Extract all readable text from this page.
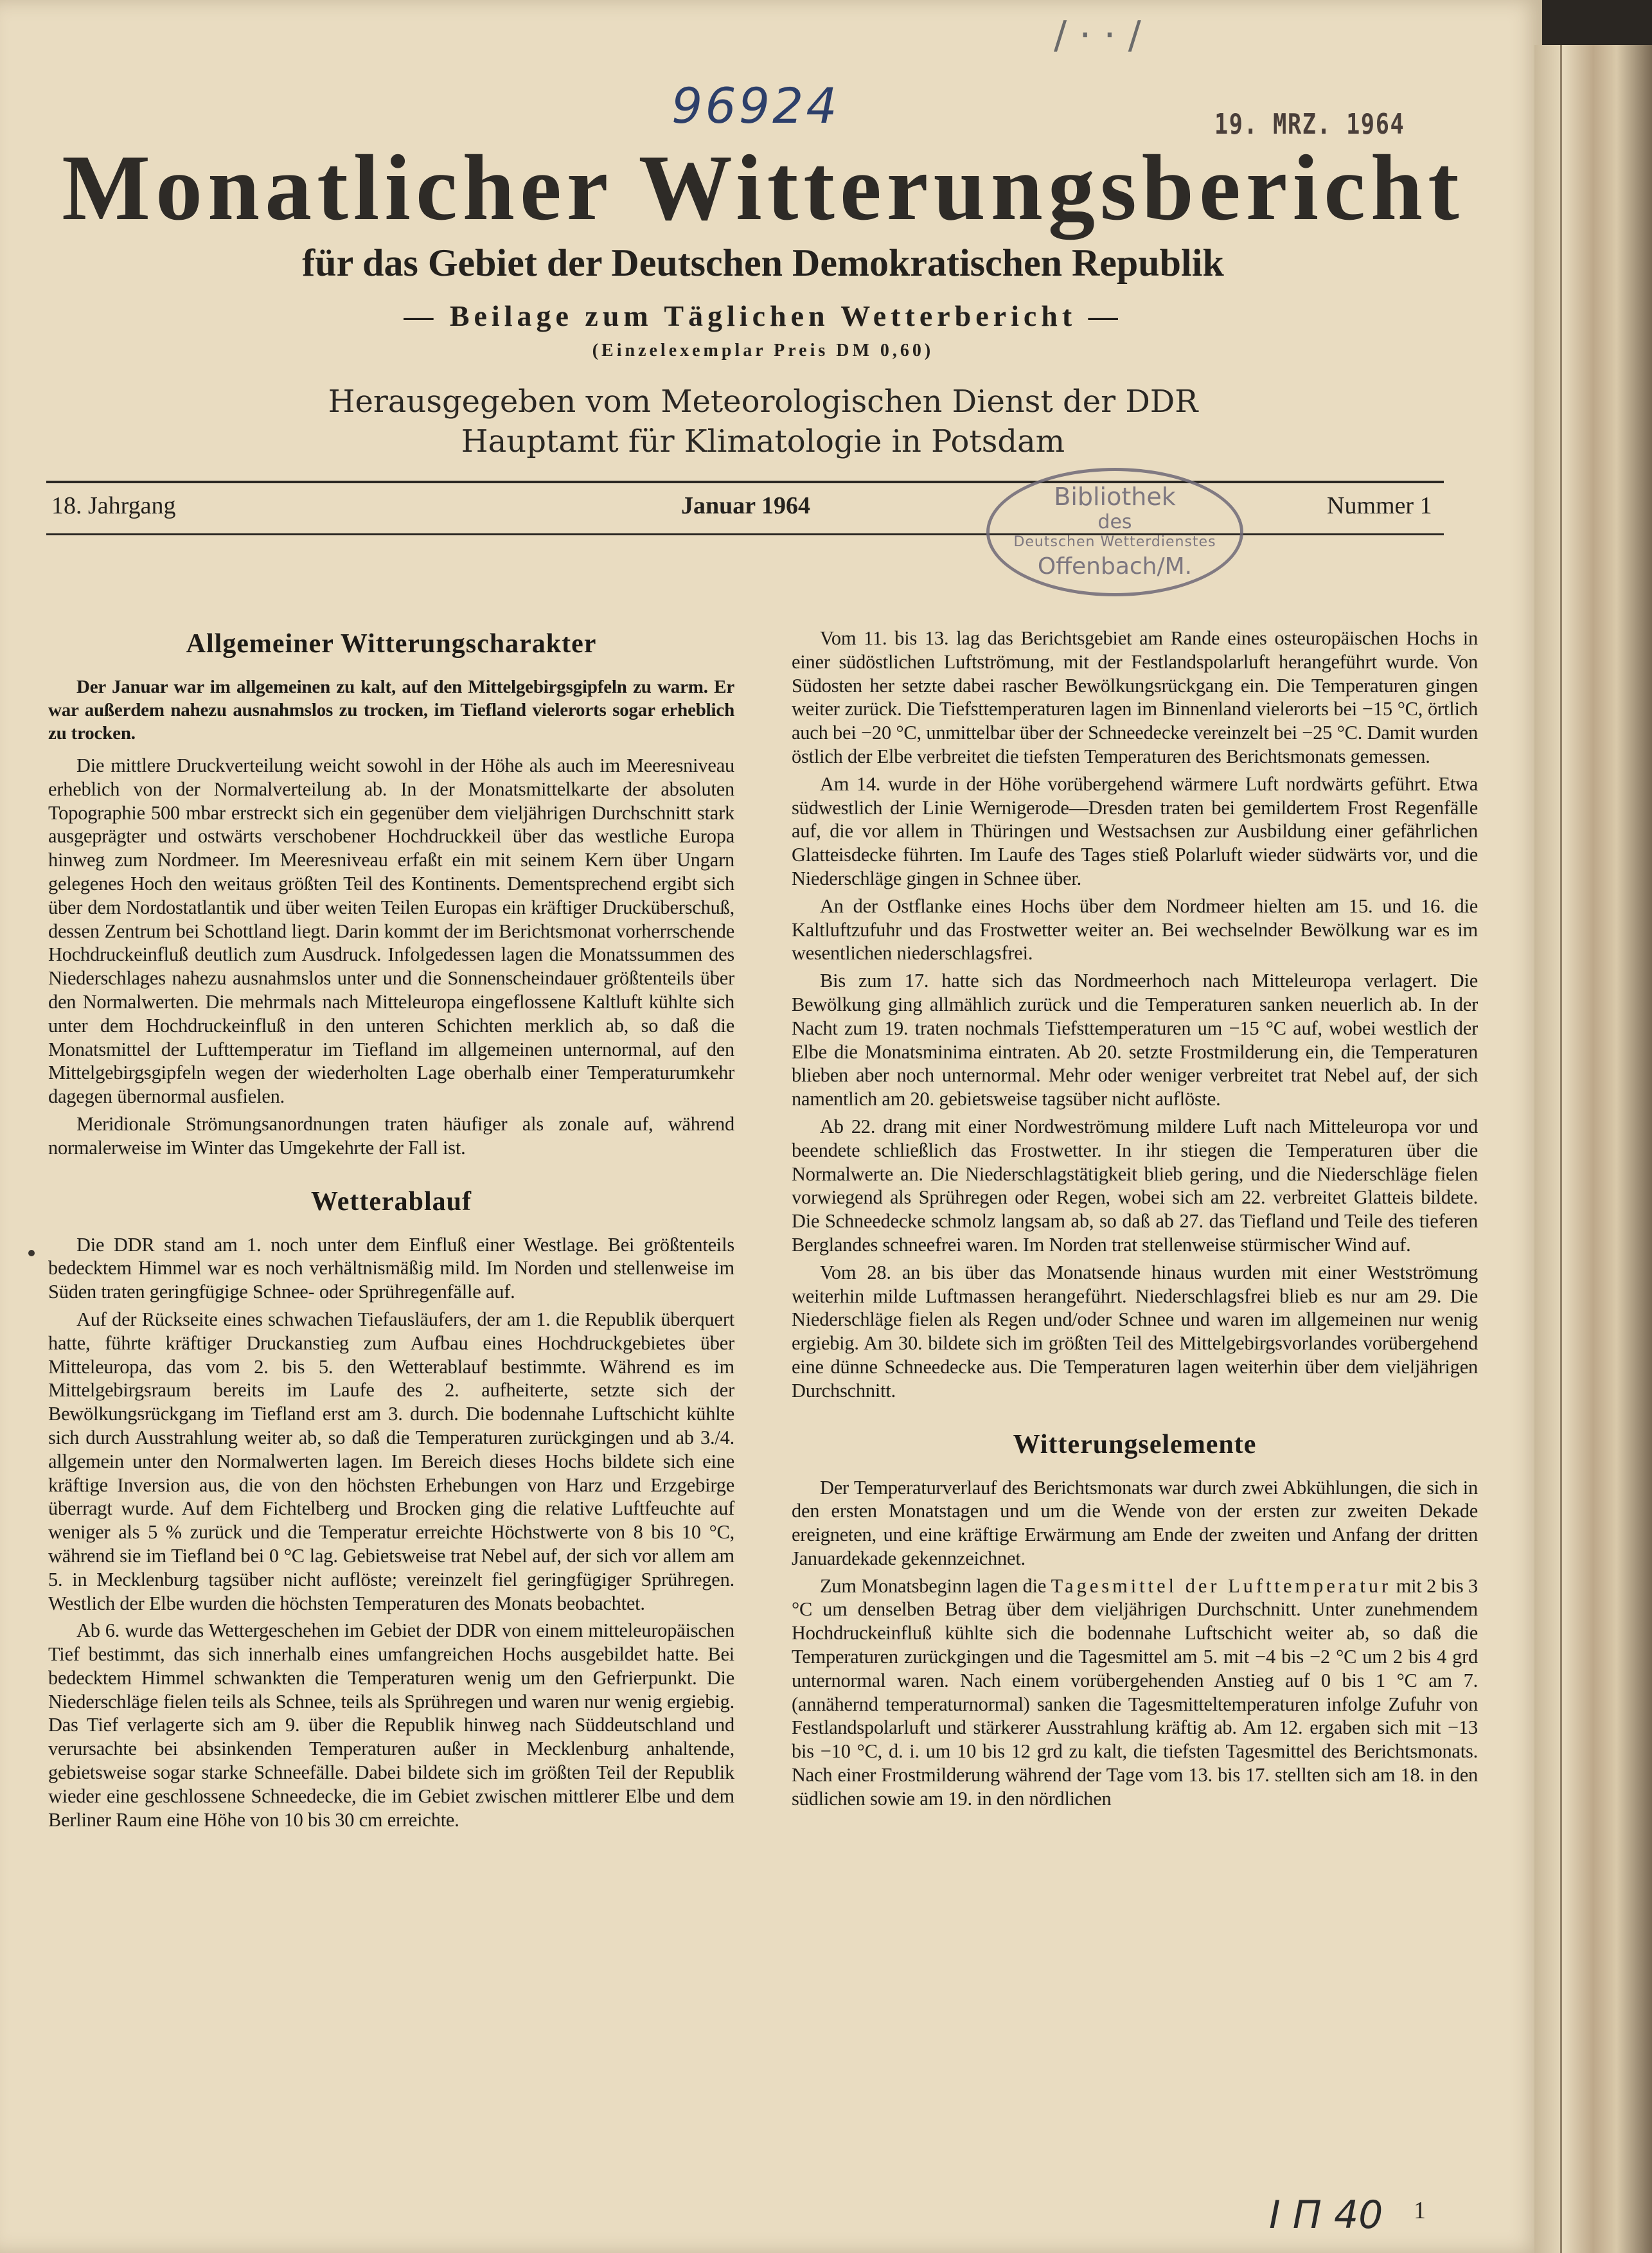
/ · · /
96924	19. MRZ. 1964
Monatlicher Witterungsbericht
für das Gebiet der Deutschen Demokratischen Republik
— Beilage zum Täglichen Wetterbericht —
(Einzelexemplar Preis DM 0,60)
Herausgegeben vom Meteorologischen Dienst der DDR
Hauptamt für Klimatologie in Potsdam
18. Jahrgang	Januar 1964	Nummer 1
Bibliothek
des
Deutschen Wetterdienstes
Offenbach/M.
Allgemeiner Witterungscharakter

Der Januar war im allgemeinen zu kalt, auf den Mittelgebirgsgipfeln zu warm. Er war außerdem nahezu ausnahmslos zu trocken, im Tiefland vielerorts sogar erheblich zu trocken.

Die mittlere Druckverteilung weicht sowohl in der Höhe als auch im Meeresniveau erheblich von der Normalverteilung ab. In der Monatsmittelkarte der absoluten Topographie 500 mbar erstreckt sich ein gegenüber dem vieljährigen Durchschnitt stark ausgeprägter und ostwärts verschobener Hochdruckkeil über das westliche Europa hinweg zum Nordmeer. Im Meeresniveau erfaßt ein mit seinem Kern über Ungarn gelegenes Hoch den weitaus größten Teil des Kontinents. Dementsprechend ergibt sich über dem Nordostatlantik und über weiten Teilen Europas ein kräftiger Drucküberschuß, dessen Zentrum bei Schottland liegt. Darin kommt der im Berichtsmonat vorherrschende Hochdruckeinfluß deutlich zum Ausdruck. Infolgedessen lagen die Monatssummen des Niederschlages nahezu ausnahmslos unter und die Sonnenscheindauer größtenteils über den Normalwerten. Die mehrmals nach Mitteleuropa eingeflossene Kaltluft kühlte sich unter dem Hochdruckeinfluß in den unteren Schichten merklich ab, so daß die Monatsmittel der Lufttemperatur im Tiefland im allgemeinen unternormal, auf den Mittelgebirgsgipfeln wegen der wiederholten Lage oberhalb einer Temperaturumkehr dagegen übernormal ausfielen.

Meridionale Strömungsanordnungen traten häufiger als zonale auf, während normalerweise im Winter das Umgekehrte der Fall ist.

Wetterablauf

Die DDR stand am 1. noch unter dem Einfluß einer Westlage. Bei größtenteils bedecktem Himmel war es noch verhältnismäßig mild. Im Norden und stellenweise im Süden traten geringfügige Schnee- oder Sprühregenfälle auf.

Auf der Rückseite eines schwachen Tiefausläufers, der am 1. die Republik überquert hatte, führte kräftiger Druckanstieg zum Aufbau eines Hochdruckgebietes über Mitteleuropa, das vom 2. bis 5. den Wetterablauf bestimmte. Während es im Mittelgebirgsraum bereits im Laufe des 2. aufheiterte, setzte sich der Bewölkungsrückgang im Tiefland erst am 3. durch. Die bodennahe Luftschicht kühlte sich durch Ausstrahlung weiter ab, so daß die Temperaturen zurückgingen und ab 3./4. allgemein unter den Normalwerten lagen. Im Bereich dieses Hochs bildete sich eine kräftige Inversion aus, die von den höchsten Erhebungen von Harz und Erzgebirge überragt wurde. Auf dem Fichtelberg und Brocken ging die relative Luftfeuchte auf weniger als 5 % zurück und die Temperatur erreichte Höchstwerte von 8 bis 10 °C, während sie im Tiefland bei 0 °C lag. Gebietsweise trat Nebel auf, der sich vor allem am 5. in Mecklenburg tagsüber nicht auflöste; vereinzelt fiel geringfügiger Sprühregen. Westlich der Elbe wurden die höchsten Temperaturen des Monats beobachtet.

Ab 6. wurde das Wettergeschehen im Gebiet der DDR von einem mitteleuropäischen Tief bestimmt, das sich innerhalb eines umfangreichen Hochs ausgebildet hatte. Bei bedecktem Himmel schwankten die Temperaturen wenig um den Gefrierpunkt. Die Niederschläge fielen teils als Schnee, teils als Sprühregen und waren nur wenig ergiebig. Das Tief verlagerte sich am 9. über die Republik hinweg nach Süddeutschland und verursachte bei absinkenden Temperaturen außer in Mecklenburg anhaltende, gebietsweise sogar starke Schneefälle. Dabei bildete sich im größten Teil der Republik wieder eine geschlossene Schneedecke, die im Gebiet zwischen mittlerer Elbe und dem Berliner Raum eine Höhe von 10 bis 30 cm erreichte.

Vom 11. bis 13. lag das Berichtsgebiet am Rande eines osteuropäischen Hochs in einer südöstlichen Luftströmung, mit der Festlandspolarluft herangeführt wurde. Von Südosten her setzte dabei rascher Bewölkungsrückgang ein. Die Temperaturen gingen weiter zurück. Die Tiefsttemperaturen lagen im Binnenland vielerorts bei −15 °C, örtlich auch bei −20 °C, unmittelbar über der Schneedecke vereinzelt bei −25 °C. Damit wurden östlich der Elbe verbreitet die tiefsten Temperaturen des Berichtsmonats gemessen.

Am 14. wurde in der Höhe vorübergehend wärmere Luft nordwärts geführt. Etwa südwestlich der Linie Wernigerode—Dresden traten bei gemildertem Frost Regenfälle auf, die vor allem in Thüringen und Westsachsen zur Ausbildung einer gefährlichen Glatteisdecke führten. Im Laufe des Tages stieß Polarluft wieder südwärts vor, und die Niederschläge gingen in Schnee über.

An der Ostflanke eines Hochs über dem Nordmeer hielten am 15. und 16. die Kaltluftzufuhr und das Frostwetter weiter an. Bei wechselnder Bewölkung war es im wesentlichen niederschlagsfrei.

Bis zum 17. hatte sich das Nordmeerhoch nach Mitteleuropa verlagert. Die Bewölkung ging allmählich zurück und die Temperaturen sanken neuerlich ab. In der Nacht zum 19. traten nochmals Tiefsttemperaturen um −15 °C auf, wobei westlich der Elbe die Monatsminima eintraten. Ab 20. setzte Frostmilderung ein, die Temperaturen blieben aber noch unternormal. Mehr oder weniger verbreitet trat Nebel auf, der sich namentlich am 20. gebietsweise tagsüber nicht auflöste.

Ab 22. drang mit einer Nordweströmung mildere Luft nach Mitteleuropa vor und beendete schließlich das Frostwetter. In ihr stiegen die Temperaturen über die Normalwerte an. Die Niederschlagstätigkeit blieb gering, und die Niederschläge fielen vorwiegend als Sprühregen oder Regen, wobei sich am 22. verbreitet Glatteis bildete. Die Schneedecke schmolz langsam ab, so daß ab 27. das Tiefland und Teile des tieferen Berglandes schneefrei waren. Im Norden trat stellenweise stürmischer Wind auf.

Vom 28. an bis über das Monatsende hinaus wurden mit einer Westströmung weiterhin milde Luftmassen herangeführt. Niederschlagsfrei blieb es nur am 29. Die Niederschläge fielen als Regen und/oder Schnee und waren im allgemeinen nur wenig ergiebig. Am 30. bildete sich im größten Teil des Mittelgebirgsvorlandes vorübergehend eine dünne Schneedecke aus. Die Temperaturen lagen weiterhin über dem vieljährigen Durchschnitt.

Witterungselemente

Der Temperaturverlauf des Berichtsmonats war durch zwei Abkühlungen, die sich in den ersten Monatstagen und um die Wende von der ersten zur zweiten Dekade ereigneten, und eine kräftige Erwärmung am Ende der zweiten und Anfang der dritten Januardekade gekennzeichnet.

Zum Monatsbeginn lagen die Tagesmittel der Lufttemperatur mit 2 bis 3 °C um denselben Betrag über dem vieljährigen Durchschnitt. Unter zunehmendem Hochdruckeinfluß kühlte sich die bodennahe Luftschicht weiter ab, so daß die Temperaturen zurückgingen und die Tagesmittel am 5. mit −4 bis −2 °C um 2 bis 4 grd unternormal waren. Nach einem vorübergehenden Anstieg auf 0 bis 1 °C am 7. (annähernd temperaturnormal) sanken die Tagesmitteltemperaturen infolge Zufuhr von Festlandspolarluft und stärkerer Ausstrahlung kräftig ab. Am 12. ergaben sich mit −13 bis −10 °C, d. i. um 10 bis 12 grd zu kalt, die tiefsten Tagesmittel des Berichtsmonats. Nach einer Frostmilderung während der Tage vom 13. bis 17. stellten sich am 18. in den südlichen sowie am 19. in den nördlichen

I Π 40 1
